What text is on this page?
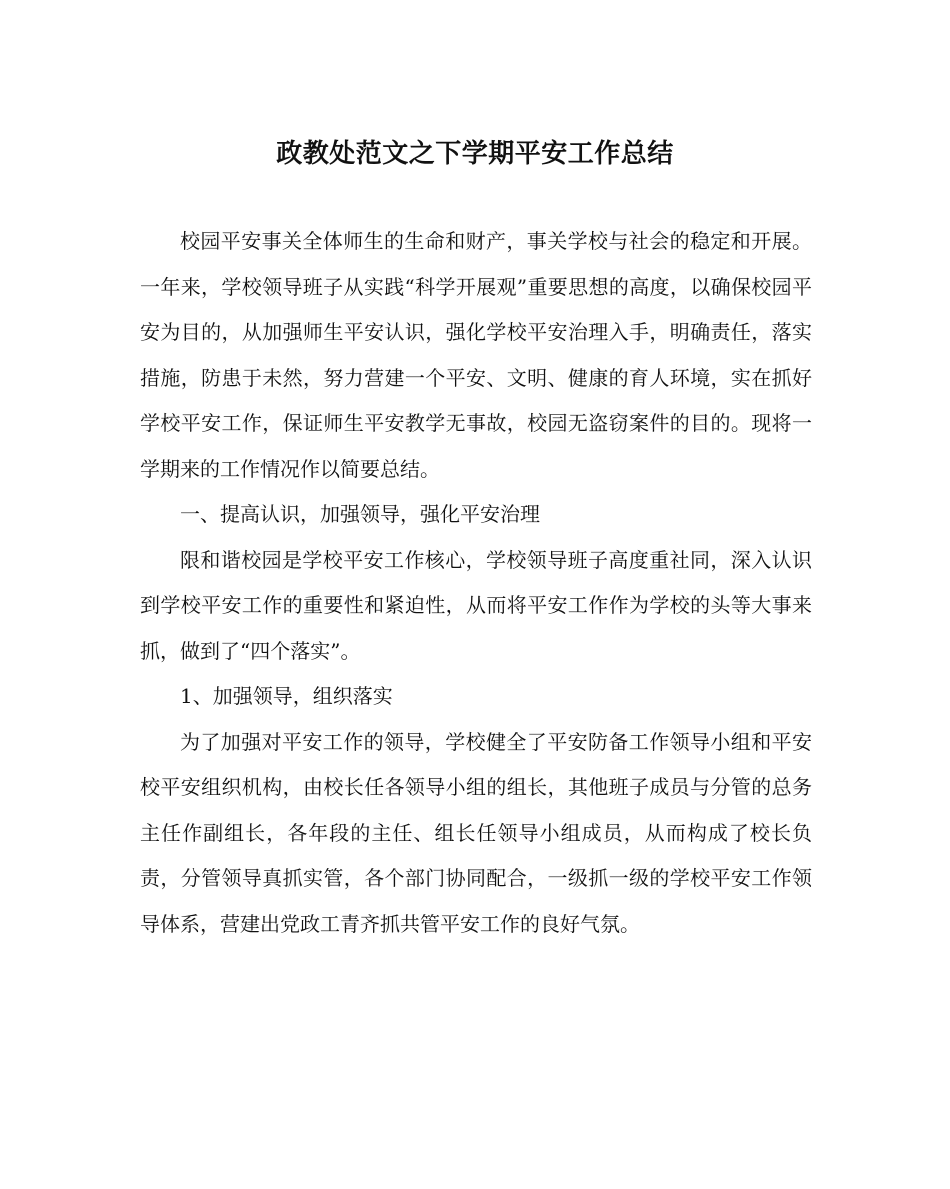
政教处范文之下学期平安工作总结

校园平安事关全体师生的生命和财产，事关学校与社会的稳定和开展。一年来，学校领导班子从实践“科学开展观”重要思想的高度，以确保校园平安为目的，从加强师生平安认识，强化学校平安治理入手，明确责任，落实措施，防患于未然，努力营建一个平安、文明、健康的育人环境，实在抓好学校平安工作，保证师生平安教学无事故，校园无盗窃案件的目的。现将一学期来的工作情况作以简要总结。

一、提高认识，加强领导，强化平安治理

限和谐校园是学校平安工作核心，学校领导班子高度重社同，深入认识到学校平安工作的重要性和紧迫性，从而将平安工作作为学校的头等大事来抓，做到了“四个落实”。

1、加强领导，组织落实

为了加强对平安工作的领导，学校健全了平安防备工作领导小组和平安校平安组织机构，由校长任各领导小组的组长，其他班子成员与分管的总务主任作副组长，各年段的主任、组长任领导小组成员，从而构成了校长负责，分管领导真抓实管，各个部门协同配合，一级抓一级的学校平安工作领导体系，营建出党政工青齐抓共管平安工作的良好气氛。
